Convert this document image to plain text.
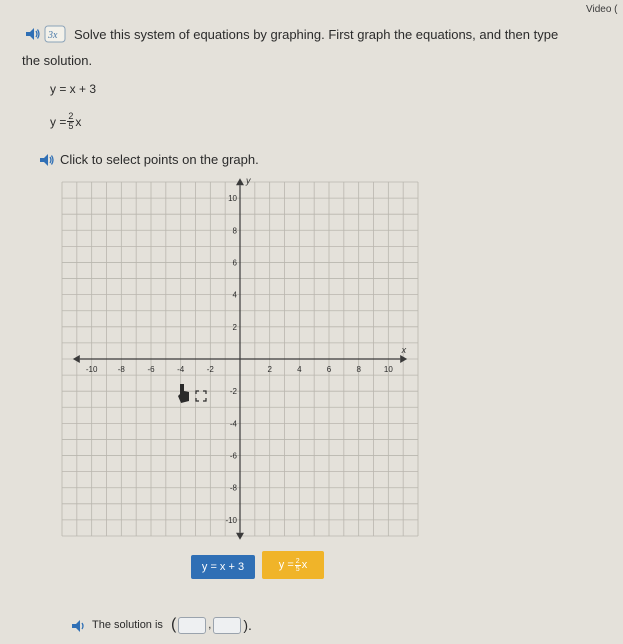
Video (
3x Solve this system of equations by graphing. First graph the equations, and then type
the solution.
y = x + 3
$y = \frac{2}{5}$ x
Click to select points on the graph.
-10	-8	-6	-4	-2	2	4	6	8	10
10
8
6
4
2
-2
-4
-6
-8
-10
x
y
y = x + 3	$y = \frac{2}{5}$ x
The solution is (	, ).
